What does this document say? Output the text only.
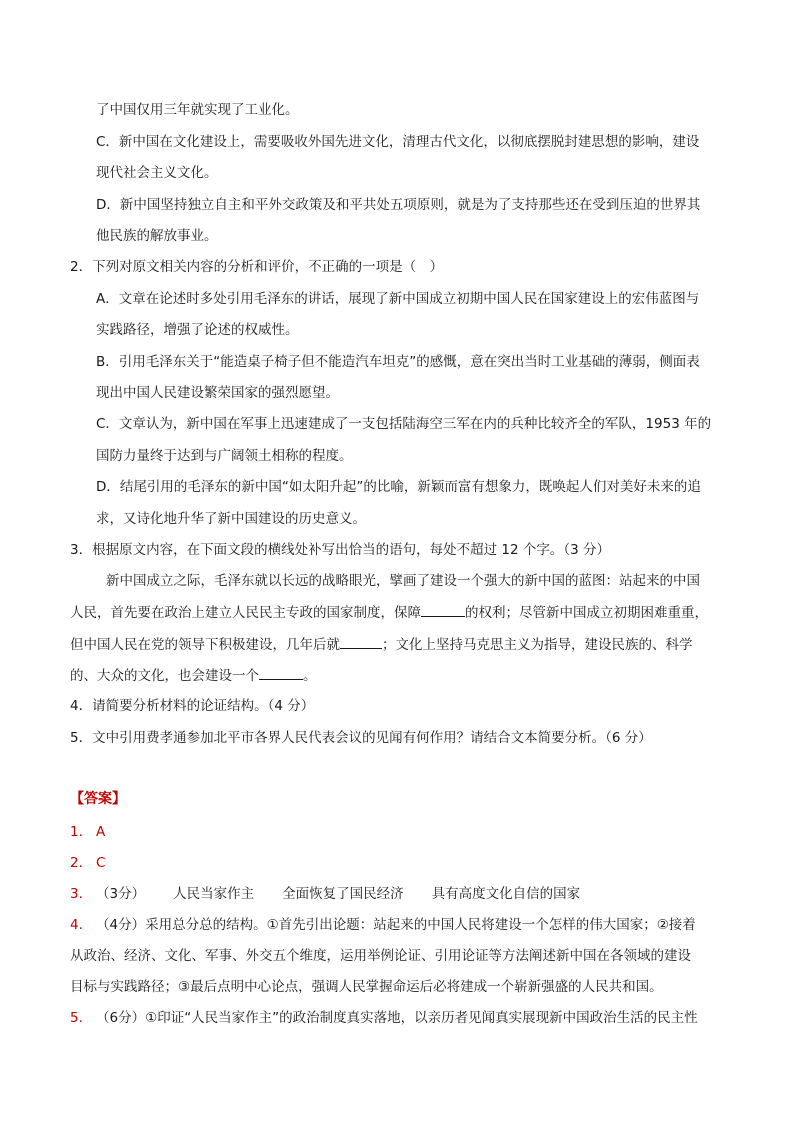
了中国仅用三年就实现了工业化。
C．新中国在文化建设上，需要吸收外国先进文化，清理古代文化，以彻底摆脱封建思想的影响，建设
现代社会主义文化。
D．新中国坚持独立自主和平外交政策及和平共处五项原则，就是为了支持那些还在受到压迫的世界其
他民族的解放事业。
2．下列对原文相关内容的分析和评价，不正确的一项是（　）
A．文章在论述时多处引用毛泽东的讲话，展现了新中国成立初期中国人民在国家建设上的宏伟蓝图与
实践路径，增强了论述的权威性。
B．引用毛泽东关于“能造桌子椅子但不能造汽车坦克”的感慨，意在突出当时工业基础的薄弱，侧面表
现出中国人民建设繁荣国家的强烈愿望。
C．文章认为，新中国在军事上迅速建成了一支包括陆海空三军在内的兵种比较齐全的军队，1953 年的
国防力量终于达到与广阔领土相称的程度。
D．结尾引用的毛泽东的新中国“如太阳升起”的比喻，新颖而富有想象力，既唤起人们对美好未来的追
求，又诗化地升华了新中国建设的历史意义。
3．根据原文内容，在下面文段的横线处补写出恰当的语句，每处不超过 12 个字。（3 分）
新中国成立之际，毛泽东就以长远的战略眼光，擘画了建设一个强大的新中国的蓝图：站起来的中国
人民，首先要在政治上建立人民民主专政的国家制度，保障	的权利；尽管新中国成立初期困难重重，
但中国人民在党的领导下积极建设，几年后就	；文化上坚持马克思主义为指导，建设民族的、科学
的、大众的文化，也会建设一个	。
4．请简要分析材料的论证结构。（4 分）
5．文中引用费孝通参加北平市各界人民代表会议的见闻有何作用？请结合文本简要分析。（6 分）
【答案】
1. A
2. C
3. （3分） 人民当家作主 全面恢复了国民经济 具有高度文化自信的国家
4. （4分）采用总分总的结构。①首先引出论题：站起来的中国人民将建设一个怎样的伟大国家；②接着
从政治、经济、文化、军事、外交五个维度，运用举例论证、引用论证等方法阐述新中国在各领域的建设
目标与实践路径；③最后点明中心论点，强调人民掌握命运后必将建成一个崭新强盛的人民共和国。
5. （6分）①印证“人民当家作主”的政治制度真实落地，以亲历者见闻真实展现新中国政治生活的民主性
